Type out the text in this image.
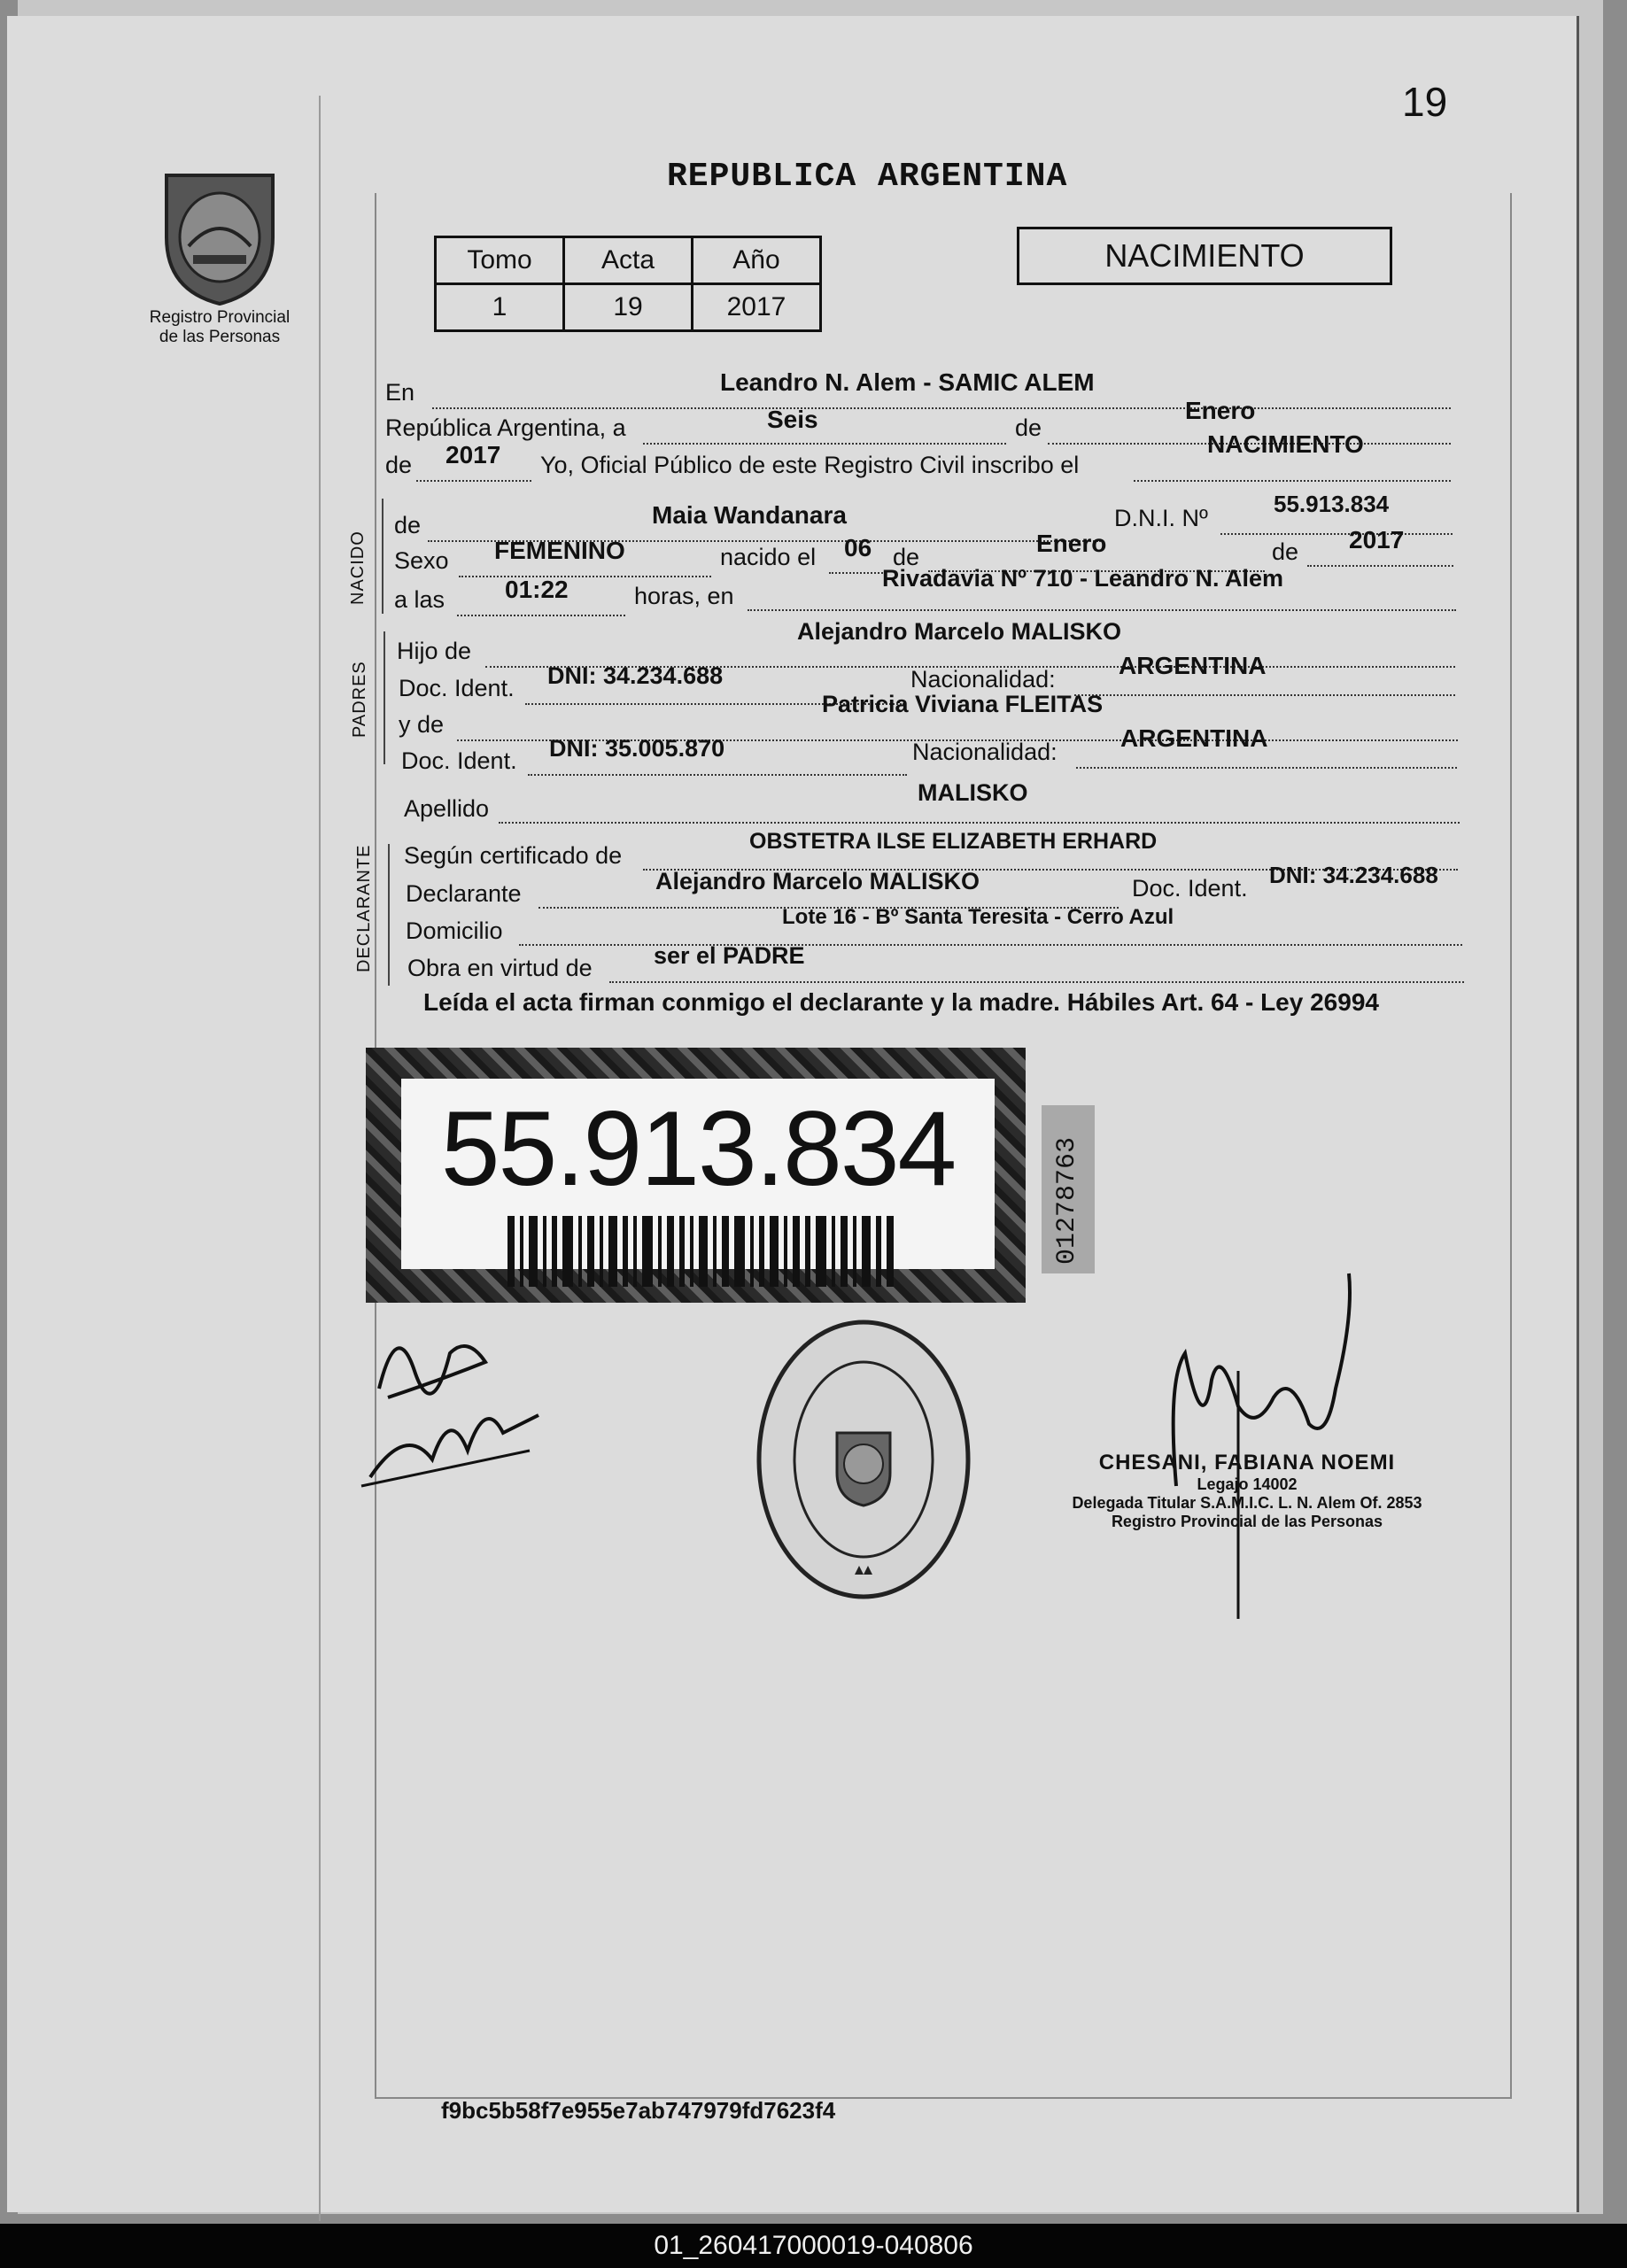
19
REPUBLICA ARGENTINA
Registro Provincial
de las Personas
Tomo	Acta	Año
1	19	2017
NACIMIENTO
En	Leandro N. Alem - SAMIC ALEM
República Argentina, a	Seis	de
Enero
de 2017 Yo, Oficial Público de este Registro Civil inscribo el
NACIMIENTO
NACIDO
de	Maia Wandanara	D.N.I. Nº
55.913.834
Sexo FEMENINO	nacido el 06 de	Enero	de 2017
a las 01:22	horas, en
Rivadavia Nº 710 - Leandro N. Alem
PADRES
Hijo de
Alejandro Marcelo MALISKO
Doc. Ident. DNI: 34.234.688	Nacionalidad:	ARGENTINA
y de
Patricia Viviana FLEITAS
Doc. Ident. DNI: 35.005.870	Nacionalidad:	ARGENTINA
Apellido
MALISKO
DECLARANTE Según certificado de
OBSTETRA ILSE ELIZABETH ERHARD
Declarante	Alejandro Marcelo MALISKO	Doc. Ident. DNI: 34.234.688
Domicilio
Lote 16 - Bº Santa Teresita - Cerro Azul
Obra en virtud de	ser el PADRE
Leída el acta firman conmigo el declarante y la madre. Hábiles Art. 64 - Ley 26994
55.913.834	01278763
CHESANI, FABIANA NOEMI
Legajo 14002
Delegada Titular S.A.M.I.C. L. N. Alem Of. 2853
Registro Provincial de las Personas
f9bc5b58f7e955e7ab747979fd7623f4
01_260417000019-040806
